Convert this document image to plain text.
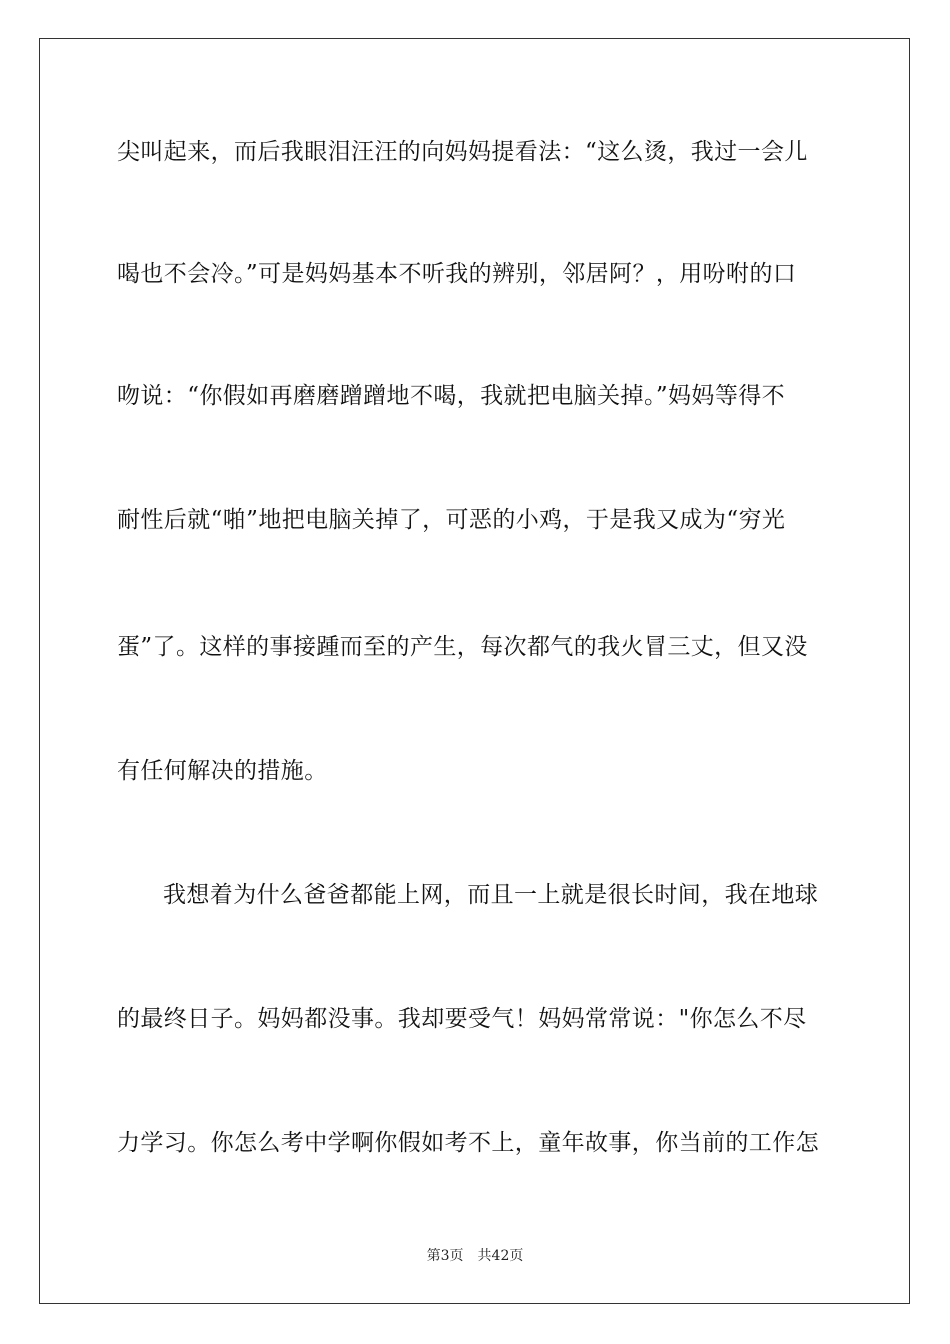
尖叫起来，而后我眼泪汪汪的向妈妈提看法：“这么烫，我过一会儿
喝也不会冷。”可是妈妈基本不听我的辨别，邻居阿？，用吩咐的口
吻说：“你假如再磨磨蹭蹭地不喝，我就把电脑关掉。”妈妈等得不
耐性后就“啪”地把电脑关掉了，可恶的小鸡，于是我又成为“穷光
蛋”了。这样的事接踵而至的产生，每次都气的我火冒三丈，但又没
有任何解决的措施。
我想着为什么爸爸都能上网，而且一上就是很长时间，我在地球
的最终日子。妈妈都没事。我却要受气！妈妈常常说："你怎么不尽
力学习。你怎么考中学啊你假如考不上，童年故事，你当前的工作怎
第3页 共42页
